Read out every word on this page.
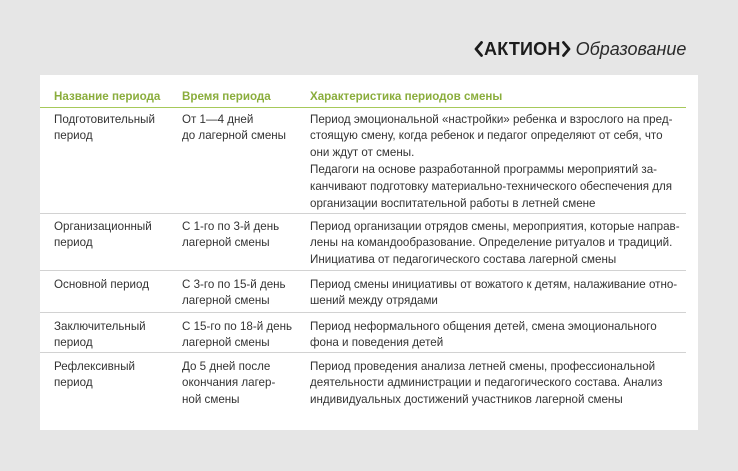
АКТИОН Образование
Название периода Время периода	Характеристика периодов смены
Подготовительный
период
От 1—4 дней
до лагерной смены
Период эмоциональной «настройки» ребенка и взрослого на пред-
стоящую смену, когда ребенок и педагог определяют от себя, что
они ждут от смены.
Педагоги на основе разработанной программы мероприятий за-
канчивают подготовку материально-технического обеспечения для
организации воспитательной работы в летней смене
Организационный
период
С 1-го по 3-й день
лагерной смены
Период организации отрядов смены, мероприятия, которые направ-
лены на командообразование. Определение ритуалов и традиций.
Инициатива от педагогического состава лагерной смены
Основной период	С 3-го по 15-й день
лагерной смены
Период смены инициативы от вожатого к детям, налаживание отно-
шений между отрядами
Заключительный
период
С 15-го по 18-й день
лагерной смены
Период неформального общения детей, смена эмоционального
фона и поведения детей
Рефлексивный
период
До 5 дней после
окончания лагер-
ной смены
Период проведения анализа летней смены, профессиональной
деятельности администрации и педагогического состава. Анализ
индивидуальных достижений участников лагерной смены
